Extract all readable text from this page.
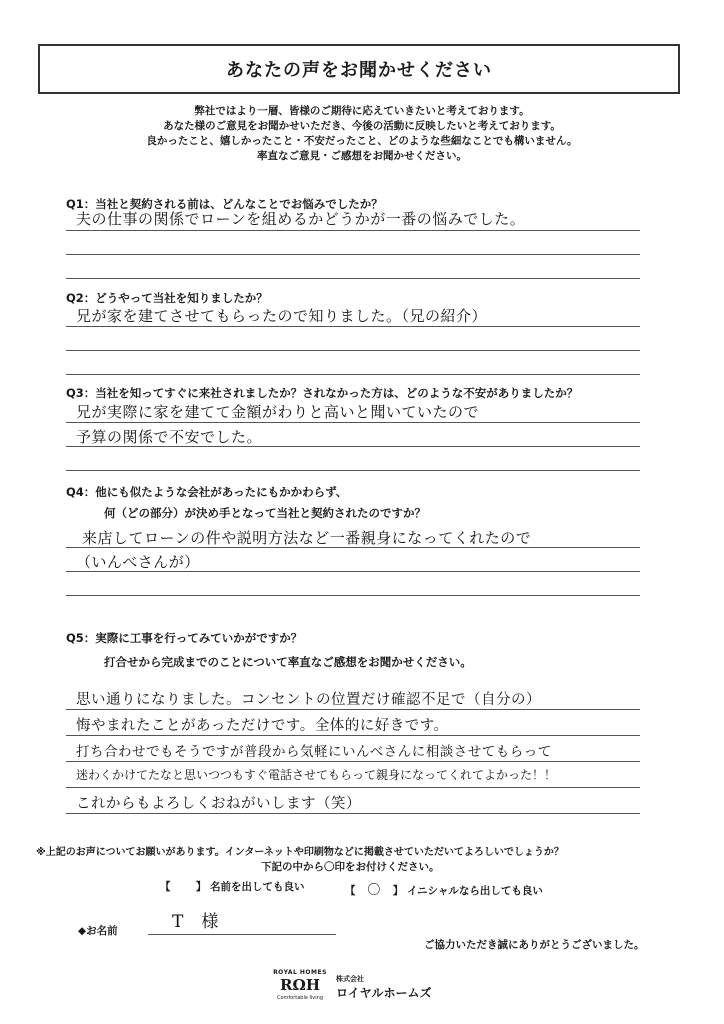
あなたの声をお聞かせください
弊社ではより一層、皆様のご期待に応えていきたいと考えております。
あなた様のご意見をお聞かせいただき、今後の活動に反映したいと考えております。
良かったこと、嬉しかったこと・不安だったこと、どのような些細なことでも構いません。
率直なご意見・ご感想をお聞かせください。
Q1：当社と契約される前は、どんなことでお悩みでしたか？
夫の仕事の関係でローンを組めるかどうかが一番の悩みでした。
Q2：どうやって当社を知りましたか？
兄が家を建てさせてもらったので知りました。（兄の紹介）
Q3：当社を知ってすぐに来社されましたか？されなかった方は、どのような不安がありましたか？
兄が実際に家を建てて金額がわりと高いと聞いていたので
予算の関係で不安でした。
Q4：他にも似たような会社があったにもかかわらず、
何（どの部分）が決め手となって当社と契約されたのですか？
来店してローンの件や説明方法など一番親身になってくれたので
（いんべさんが）
Q5：実際に工事を行ってみていかがですか？
打合せから完成までのことについて率直なご感想をお聞かせください。
思い通りになりました。コンセントの位置だけ確認不足で（自分の）
悔やまれたことがあっただけです。全体的に好きです。
打ち合わせでもそうですが普段から気軽にいんべさんに相談させてもらって
迷わくかけてたなと思いつつもすぐ電話させてもらって親身になってくれてよかった！！
これからもよろしくおねがいします（笑）
※上記のお声についてお願いがあります。インターネットや印刷物などに掲載させていただいてよろしいでしょうか？
下記の中から〇印をお付けください。
【 】 名前を出しても良い	【 〇 】 イニシャルなら出しても良い
◆お名前	T　様
ご協力いただき誠にありがとうございました。
ROYAL HOMES
RΩH
Comfortable living
株式会社
ロイヤルホームズ
